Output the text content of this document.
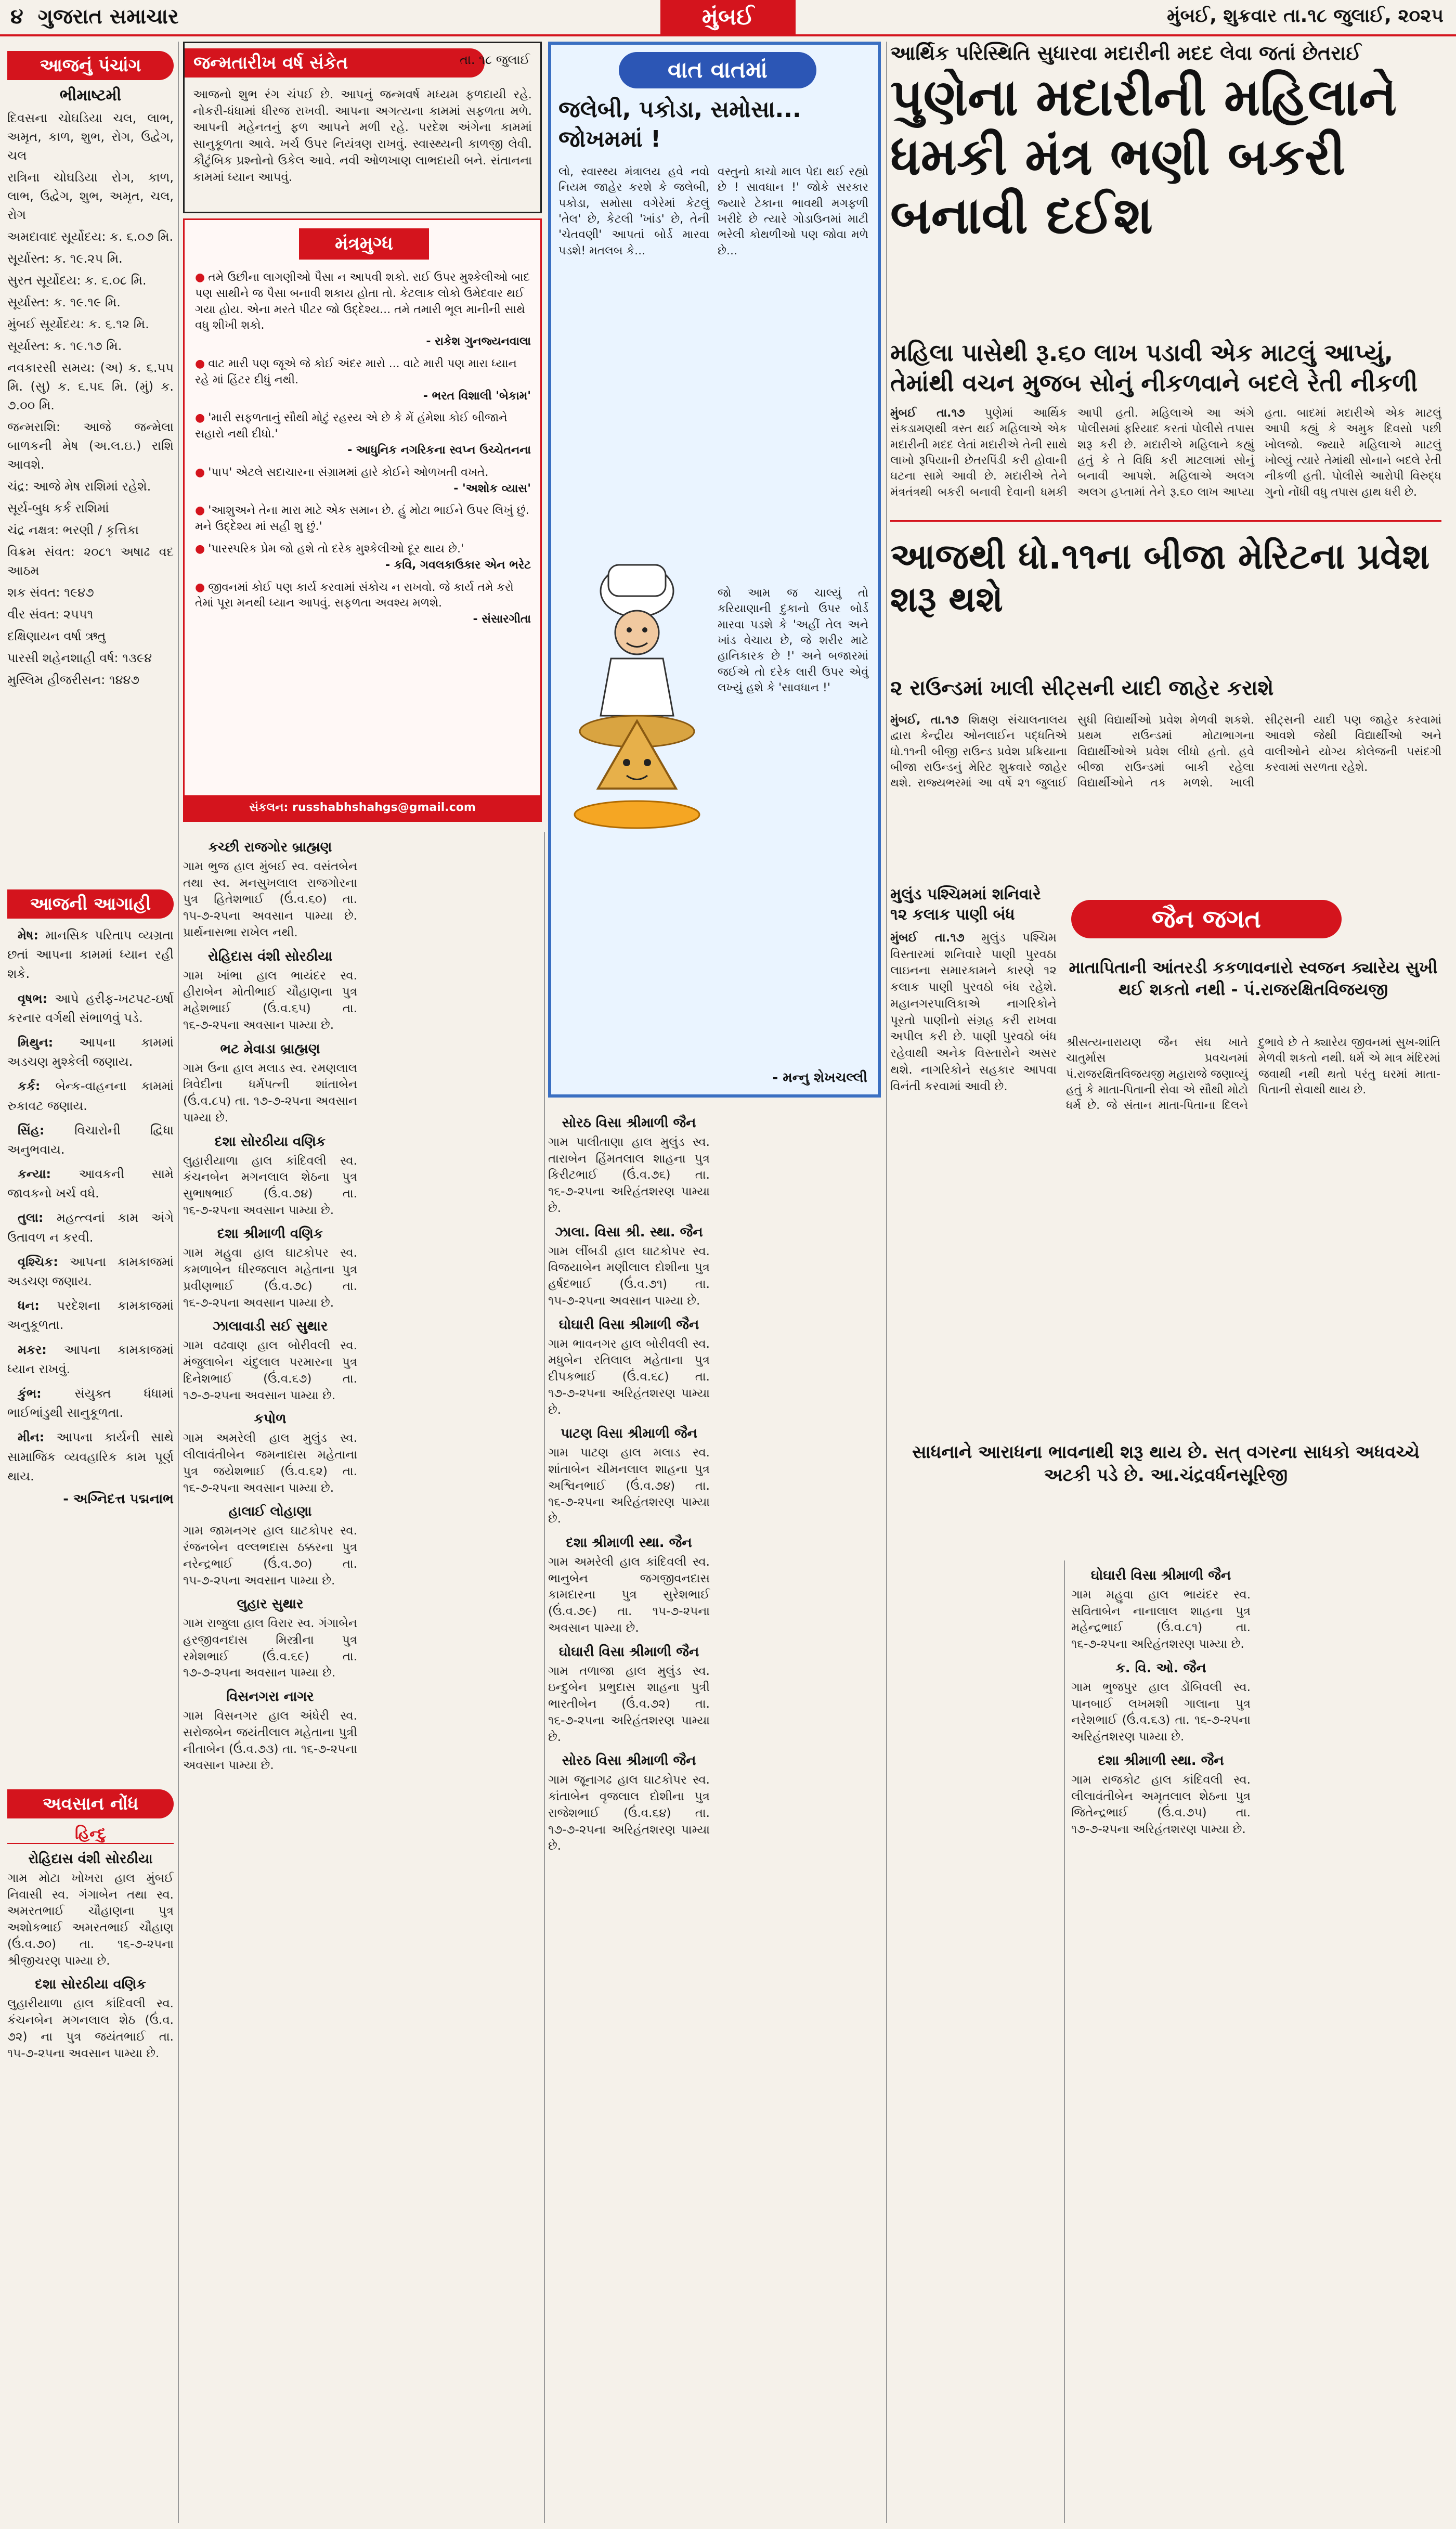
૪ ગુજરાત સમાચાર	મુંબઈ	મુંબઈ, શુક્રવાર તા.૧૮ જુલાઈ, ૨૦૨૫
આજનું પંચાંગ
ભીમાષ્ટમી
દિવસના ચોઘડિયા ચલ, લાભ, અમૃત, કાળ, શુભ, રોગ, ઉદ્વેગ, ચલ
રાત્રિના ચોઘડિયા રોગ, કાળ, લાભ, ઉદ્વેગ, શુભ, અમૃત, ચલ, રોગ
અમદાવાદ સૂર્યોદય: ક. ૬.૦૭ મિ.
સૂર્યાસ્ત: ક. ૧૯.૨૫ મિ.
સુરત સૂર્યોદય: ક. ૬.૦૮ મિ.
સૂર્યાસ્ત: ક. ૧૯.૧૯ મિ.
મુંબઈ સૂર્યોદય: ક. ૬.૧૨ મિ.
સૂર્યાસ્ત: ક. ૧૯.૧૭ મિ.
નવકારસી સમય: (અ) ક. ૬.૫૫ મિ. (સુ) ક. ૬.૫૬ મિ. (મું) ક. ૭.૦૦ મિ.
જન્મરાશિ: આજે જન્મેલા બાળકની મેષ (અ.લ.ઇ.) રાશિ આવશે.
ચંદ્ર: આજે મેષ રાશિમાં રહેશે.
સૂર્ય-બુધ કર્ક રાશિમાં
ચંદ્ર નક્ષત્ર: ભરણી / કૃત્તિકા
વિક્રમ સંવત: ૨૦૮૧ અષાઢ વદ આઠમ
શક સંવત: ૧૯૪૭
વીર સંવત: ૨૫૫૧
દક્ષિણાયન વર્ષા ઋતુ
પારસી શહેનશાહી વર્ષ: ૧૩૯૪
મુસ્લિમ હીજરીસન: ૧૪૪૭
આજની આગાહી

મેષ: માનસિક પરિતાપ વ્યગ્રતા છતાં આપના કામમાં ધ્યાન રહી શકે.

વૃષભ: આપે હરીફ-ખટપટ-ઇર્ષા કરનાર વર્ગથી સંભાળવું પડે.

મિથુન: આપના કામમાં અડચણ મુશ્કેલી જણાય.

કર્ક: બેન્ક-વાહનના કામમાં રુકાવટ જણાય.

સિંહ: વિચારોની દ્વિધા અનુભવાય.

કન્યા: આવકની સામે જાવકનો ખર્ચ વધે.

તુલા: મહત્ત્વનાં કામ અંગે ઉતાવળ ન કરવી.

વૃશ્ચિક: આપના કામકાજમાં અડચણ જણાય.

ધન: પરદેશના કામકાજમાં અનુકૂળતા.

મકર: આપના કામકાજમાં ધ્યાન રાખવું.

કુંભ: સંયુક્ત ધંધામાં ભાઈભાંડુથી સાનુકૂળતા.

મીન: આપના કાર્યની સાથે સામાજિક વ્યવહારિક કામ પૂર્ણ થાય.

- અગ્નિદત્ત પદ્મનાભ
અવસાન નોંધ
હિન્દુ
રોહિદાસ વંશી સોરઠીયા
ગામ મોટા ખોખરા હાલ મુંબઈ નિવાસી સ્વ. ગંગાબેન તથા સ્વ. અમરતભાઈ ચૌહાણના પુત્ર અશોકભાઈ અમરતભાઈ ચૌહાણ (ઉં.વ.૭૦) તા. ૧૬-૭-૨૫ના શ્રીજીચરણ પામ્યા છે.
દશા સોરઠીયા વણિક
લુહારીયાળા હાલ કાંદિવલી સ્વ. કંચનબેન મગનલાલ શેઠ (ઉં.વ. ૭૨) ના પુત્ર જયંતભાઈ તા. ૧૫-૭-૨૫ના અવસાન પામ્યા છે.
જન્મતારીખ વર્ષ સંકેત	તા. ૧૮ જુલાઈ
આજનો શુભ રંગ ચંપઈ છે. આપનું જન્મવર્ષ મધ્યમ ફળદાયી રહે. નોકરી-ધંધામાં ધીરજ રાખવી. આપના અગત્યના કામમાં સફળતા મળે. આપની મહેનતનું ફળ આપને મળી રહે. પરદેશ અંગેના કામમાં સાનુકૂળતા આવે. ખર્ચ ઉપર નિયંત્રણ રાખવું. સ્વાસ્થ્યની કાળજી લેવી. કૌટુંબિક પ્રશ્નોનો ઉકેલ આવે. નવી ઓળખાણ લાભદાયી બને. સંતાનના કામમાં ધ્યાન આપવું.
મંત્રમુગ્ધ
● તમે ઉછીના લાગણીઓ પૈસા ન આપવી શકો. રાઈ ઉપર મુશ્કેલીઓ બાદ પણ સાથીને જ પૈસા બનાવી શકાય હોતા તો. કેટલાક લોકો ઉમેદવાર થઈ ગયા હોય. એના મરતે પીટર જો ઉદ્દેશ્ય... તમે તમારી ભૂલ માનીની સાથે વધુ શીખી શકો.
- રાકેશ ગુનજ્યનવાલા
● વાટ મારી પણ જૂએ જે કોઈ અંદર મારો ... વાટે મારી પણ મારા ધ્યાન રહે માં હિંટર દીધું નથી.
- ભરત વિશાલી 'બેકામ'
● 'મારી સફળતાનું સૌથી મોટું રહસ્ય એ છે કે મેં હંમેશા કોઈ બીજાને સહારો નથી દીધો.'
- આધુનિક નગરિકના સ્વપ્ન ઉચ્ચેતનના
● 'પાપ' એટલે સદાચારના સંગ્રામમાં હારે કોઈને ઓળખતી વખતે.
- 'અશોક વ્યાસ'
● 'આશુઅને તેના મારા માટે એક સમાન છે. હું મોટા ભાઈને ઉપર લિખું છું. મને ઉદ્દેશ્ય માં સહી શુ છું.'
● 'પારસ્પરિક પ્રેમ જો હશે તો દરેક મુશ્કેલીઓ દૂર થાય છે.'
- કવિ, ગવલકાઉકાર એન ભરેટ
● જીવનમાં કોઈ પણ કાર્ય કરવામાં સંકોચ ન રાખવો. જે કાર્ય તમે કરો તેમાં પૂરા મનથી ધ્યાન આપવું. સફળતા અવશ્ય મળશે.
- સંસારગીતા
સંકલન: russhabhshahgs@gmail.com
કચ્છી રાજગોર બ્રાહ્મણ
ગામ ભુજ હાલ મુંબઈ સ્વ. વસંતબેન તથા સ્વ. મનસુખલાલ રાજગોરના પુત્ર હિતેશભાઈ (ઉં.વ.૬૦) તા. ૧૫-૭-૨૫ના અવસાન પામ્યા છે. પ્રાર્થનાસભા રાખેલ નથી.
રોહિદાસ વંશી સોરઠીયા
ગામ ખાંભા હાલ ભાયંદર સ્વ. હીરાબેન મોતીભાઈ ચૌહાણના પુત્ર મહેશભાઈ (ઉં.વ.૬૫) તા. ૧૬-૭-૨૫ના અવસાન પામ્યા છે.
ભટ મેવાડા બ્રાહ્મણ
ગામ ઉના હાલ મલાડ સ્વ. રમણલાલ ત્રિવેદીના ધર્મપત્ની શાંતાબેન (ઉં.વ.૮૫) તા. ૧૭-૭-૨૫ના અવસાન પામ્યા છે.
દશા સોરઠીયા વણિક
લુહારીયાળા હાલ કાંદિવલી સ્વ. કંચનબેન મગનલાલ શેઠના પુત્ર સુભાષભાઈ (ઉં.વ.૭૪) તા. ૧૬-૭-૨૫ના અવસાન પામ્યા છે.
દશા શ્રીમાળી વણિક
ગામ મહુવા હાલ ઘાટકોપર સ્વ. કમળાબેન ધીરજલાલ મહેતાના પુત્ર પ્રવીણભાઈ (ઉં.વ.૭૮) તા. ૧૬-૭-૨૫ના અવસાન પામ્યા છે.
ઝાલાવાડી સઈ સુથાર
ગામ વઢવાણ હાલ બોરીવલી સ્વ. મંજુલાબેન ચંદુલાલ પરમારના પુત્ર દિનેશભાઈ (ઉં.વ.૬૭) તા. ૧૭-૭-૨૫ના અવસાન પામ્યા છે.
કપોળ
ગામ અમરેલી હાલ મુલુંડ સ્વ. લીલાવંતીબેન જમનાદાસ મહેતાના પુત્ર જયેશભાઈ (ઉં.વ.૬૨) તા. ૧૬-૭-૨૫ના અવસાન પામ્યા છે.
હાલાઈ લોહાણા
ગામ જામનગર હાલ ઘાટકોપર સ્વ. રંજનબેન વલ્લભદાસ ઠક્કરના પુત્ર નરેન્દ્રભાઈ (ઉં.વ.૭૦) તા. ૧૫-૭-૨૫ના અવસાન પામ્યા છે.
લુહાર સુથાર
ગામ રાજુલા હાલ વિરાર સ્વ. ગંગાબેન હરજીવનદાસ મિસ્ત્રીના પુત્ર રમેશભાઈ (ઉં.વ.૬૯) તા. ૧૭-૭-૨૫ના અવસાન પામ્યા છે.
વિસનગરા નાગર
ગામ વિસનગર હાલ અંધેરી સ્વ. સરોજબેન જયંતીલાલ મહેતાના પુત્રી નીતાબેન (ઉં.વ.૭૩) તા. ૧૬-૭-૨૫ના અવસાન પામ્યા છે.
વાત વાતમાં
જલેબી, પકોડા, સમોસા... જોખમમાં !
લો, સ્વાસ્થ્ય મંત્રાલય હવે નવો નિયમ જાહેર કરશે કે જલેબી, પકોડા, સમોસા વગેરેમાં કેટલું 'તેલ' છે, કેટલી 'ખાંડ' છે, તેની 'ચેતવણી' આપતાં બોર્ડ મારવા પડશે! મતલબ કે...
વસ્તુનો કાચો માલ પેદા થઈ રહ્યો છે ! સાવધાન !' જોકે સરકાર જ્યારે ટેકાના ભાવથી મગફળી ખરીદે છે ત્યારે ગોડાઉનમાં માટી ભરેલી કોથળીઓ પણ જોવા મળે છે...
જો આમ જ ચાલ્યું તો કરિયાણાની દુકાનો ઉપર બોર્ડ મારવા પડશે કે 'અહીં તેલ અને ખાંડ વેચાય છે, જે શરીર માટે હાનિકારક છે !' અને બજારમાં જઈએ તો દરેક લારી ઉપર એવું લખ્યું હશે કે 'સાવધાન !'
- મન્નુ શેખચલ્લી
સોરઠ વિસા શ્રીમાળી જૈન
ગામ પાલીતાણા હાલ મુલુંડ સ્વ. તારાબેન હિંમતલાલ શાહના પુત્ર કિરીટભાઈ (ઉં.વ.૭૬) તા. ૧૬-૭-૨૫ના અરિહંતશરણ પામ્યા છે.
ઝાલા. વિસા શ્રી. સ્થા. જૈન
ગામ લીંબડી હાલ ઘાટકોપર સ્વ. વિજયાબેન મણીલાલ દોશીના પુત્ર હર્ષદભાઈ (ઉં.વ.૭૧) તા. ૧૫-૭-૨૫ના અવસાન પામ્યા છે.
ઘોઘારી વિસા શ્રીમાળી જૈન
ગામ ભાવનગર હાલ બોરીવલી સ્વ. મધુબેન રતિલાલ મહેતાના પુત્ર દીપકભાઈ (ઉં.વ.૬૮) તા. ૧૭-૭-૨૫ના અરિહંતશરણ પામ્યા છે.
પાટણ વિસા શ્રીમાળી જૈન
ગામ પાટણ હાલ મલાડ સ્વ. શાંતાબેન ચીમનલાલ શાહના પુત્ર અશ્વિનભાઈ (ઉં.વ.૭૪) તા. ૧૬-૭-૨૫ના અરિહંતશરણ પામ્યા છે.
દશા શ્રીમાળી સ્થા. જૈન
ગામ અમરેલી હાલ કાંદિવલી સ્વ. ભાનુબેન જગજીવનદાસ કામદારના પુત્ર સુરેશભાઈ (ઉં.વ.૭૯) તા. ૧૫-૭-૨૫ના અવસાન પામ્યા છે.
ઘોઘારી વિસા શ્રીમાળી જૈન
ગામ તળાજા હાલ મુલુંડ સ્વ. ઇન્દુબેન પ્રભુદાસ શાહના પુત્રી ભારતીબેન (ઉં.વ.૭૨) તા. ૧૬-૭-૨૫ના અરિહંતશરણ પામ્યા છે.
સોરઠ વિસા શ્રીમાળી જૈન
ગામ જૂનાગઢ હાલ ઘાટકોપર સ્વ. કાંતાબેન વૃજલાલ દોશીના પુત્ર રાજેશભાઈ (ઉં.વ.૬૪) તા. ૧૭-૭-૨૫ના અરિહંતશરણ પામ્યા છે.
આર્થિક પરિસ્થિતિ સુધારવા મદારીની મદદ લેવા જતાં છેતરાઈ
પુણેના મદારીની મહિલાને ધમકી મંત્ર ભણી બકરી બનાવી દઈશ
મહિલા પાસેથી રૂ.૬૦ લાખ પડાવી એક માટલું આપ્યું, તેમાંથી વચન મુજબ સોનું નીકળવાને બદલે રેતી નીકળી
મુંબઈ તા.૧૭ પુણેમાં આર્થિક સંકડામણથી ત્રસ્ત થઈ મહિલાએ એક મદારીની મદદ લેતાં મદારીએ તેની સાથે લાખો રૂપિયાની છેતરપિંડી કરી હોવાની ઘટના સામે આવી છે. મદારીએ તેને મંત્રતંત્રથી બકરી બનાવી દેવાની ધમકી આપી હતી. મહિલાએ આ અંગે પોલીસમાં ફરિયાદ કરતાં પોલીસે તપાસ શરૂ કરી છે. મદારીએ મહિલાને કહ્યું હતું કે તે વિધિ કરી માટલામાં સોનું બનાવી આપશે. મહિલાએ અલગ અલગ હપ્તામાં તેને રૂ.૬૦ લાખ આપ્યા હતા. બાદમાં મદારીએ એક માટલું આપી કહ્યું કે અમુક દિવસો પછી ખોલજો. જ્યારે મહિલાએ માટલું ખોલ્યું ત્યારે તેમાંથી સોનાને બદલે રેતી નીકળી હતી. પોલીસે આરોપી વિરુદ્ધ ગુનો નોંધી વધુ તપાસ હાથ ધરી છે.
આજથી ધો.૧૧ના બીજા મેરિટના પ્રવેશ શરૂ થશે
૨ રાઉન્ડમાં ખાલી સીટ્સની યાદી જાહેર કરાશે
મુંબઈ, તા.૧૭ શિક્ષણ સંચાલનાલય દ્વારા કેન્દ્રીય ઓનલાઈન પદ્ધતિએ ધો.૧૧ની બીજી રાઉન્ડ પ્રવેશ પ્રક્રિયાના બીજા રાઉન્ડનું મેરિટ શુક્રવારે જાહેર થશે. રાજ્યભરમાં આ વર્ષે ૨૧ જુલાઈ સુધી વિદ્યાર્થીઓ પ્રવેશ મેળવી શકશે. પ્રથમ રાઉન્ડમાં મોટાભાગના વિદ્યાર્થીઓએ પ્રવેશ લીધો હતો. હવે બીજા રાઉન્ડમાં બાકી રહેલા વિદ્યાર્થીઓને તક મળશે. ખાલી સીટ્સની યાદી પણ જાહેર કરવામાં આવશે જેથી વિદ્યાર્થીઓ અને વાલીઓને યોગ્ય કોલેજની પસંદગી કરવામાં સરળતા રહેશે.
મુલુંડ પશ્ચિમમાં શનિવારે ૧૨ કલાક પાણી બંધ
મુંબઈ તા.૧૭ મુલુંડ પશ્ચિમ વિસ્તારમાં શનિવારે પાણી પુરવઠા લાઇનના સમારકામને કારણે ૧૨ કલાક પાણી પુરવઠો બંધ રહેશે. મહાનગરપાલિકાએ નાગરિકોને પૂરતો પાણીનો સંગ્રહ કરી રાખવા અપીલ કરી છે. પાણી પુરવઠો બંધ રહેવાથી અનેક વિસ્તારોને અસર થશે. નાગરિકોને સહકાર આપવા વિનંતી કરવામાં આવી છે.
જૈન જગત
માતાપિતાની આંતરડી કકળાવનારો સ્વજન ક્યારેય સુખી થઈ શકતો નથી - પં.રાજરક્ષિતવિજયજી
શ્રીસત્યનારાયણ જૈન સંઘ ખાતે ચાતુર્માસ પ્રવચનમાં પં.રાજરક્ષિતવિજયજી મહારાજે જણાવ્યું હતું કે માતા-પિતાની સેવા એ સૌથી મોટો ધર્મ છે. જે સંતાન માતા-પિતાના દિલને દુભાવે છે તે ક્યારેય જીવનમાં સુખ-શાંતિ મેળવી શકતો નથી. ધર્મ એ માત્ર મંદિરમાં જવાથી નથી થતો પરંતુ ઘરમાં માતા-પિતાની સેવાથી થાય છે.
સાધનાને આરાધના ભાવનાથી શરૂ થાય છે. સત્ વગરના સાધકો અધવચ્ચે અટકી પડે છે. આ.ચંદ્રવર્ધનસૂરિજી
ઘોઘારી વિસા શ્રીમાળી જૈન
ગામ મહુવા હાલ ભાયંદર સ્વ. સવિતાબેન નાનાલાલ શાહના પુત્ર મહેન્દ્રભાઈ (ઉં.વ.૮૧) તા. ૧૬-૭-૨૫ના અરિહંતશરણ પામ્યા છે.
ક. વિ. ઓ. જૈન
ગામ ભુજપુર હાલ ડોંબિવલી સ્વ. પાનબાઈ લખમશી ગાલાના પુત્ર નરેશભાઈ (ઉં.વ.૬૩) તા. ૧૬-૭-૨૫ના અરિહંતશરણ પામ્યા છે.
દશા શ્રીમાળી સ્થા. જૈન
ગામ રાજકોટ હાલ કાંદિવલી સ્વ. લીલાવંતીબેન અમૃતલાલ શેઠના પુત્ર જિતેન્દ્રભાઈ (ઉં.વ.૭૫) તા. ૧૭-૭-૨૫ના અરિહંતશરણ પામ્યા છે.
